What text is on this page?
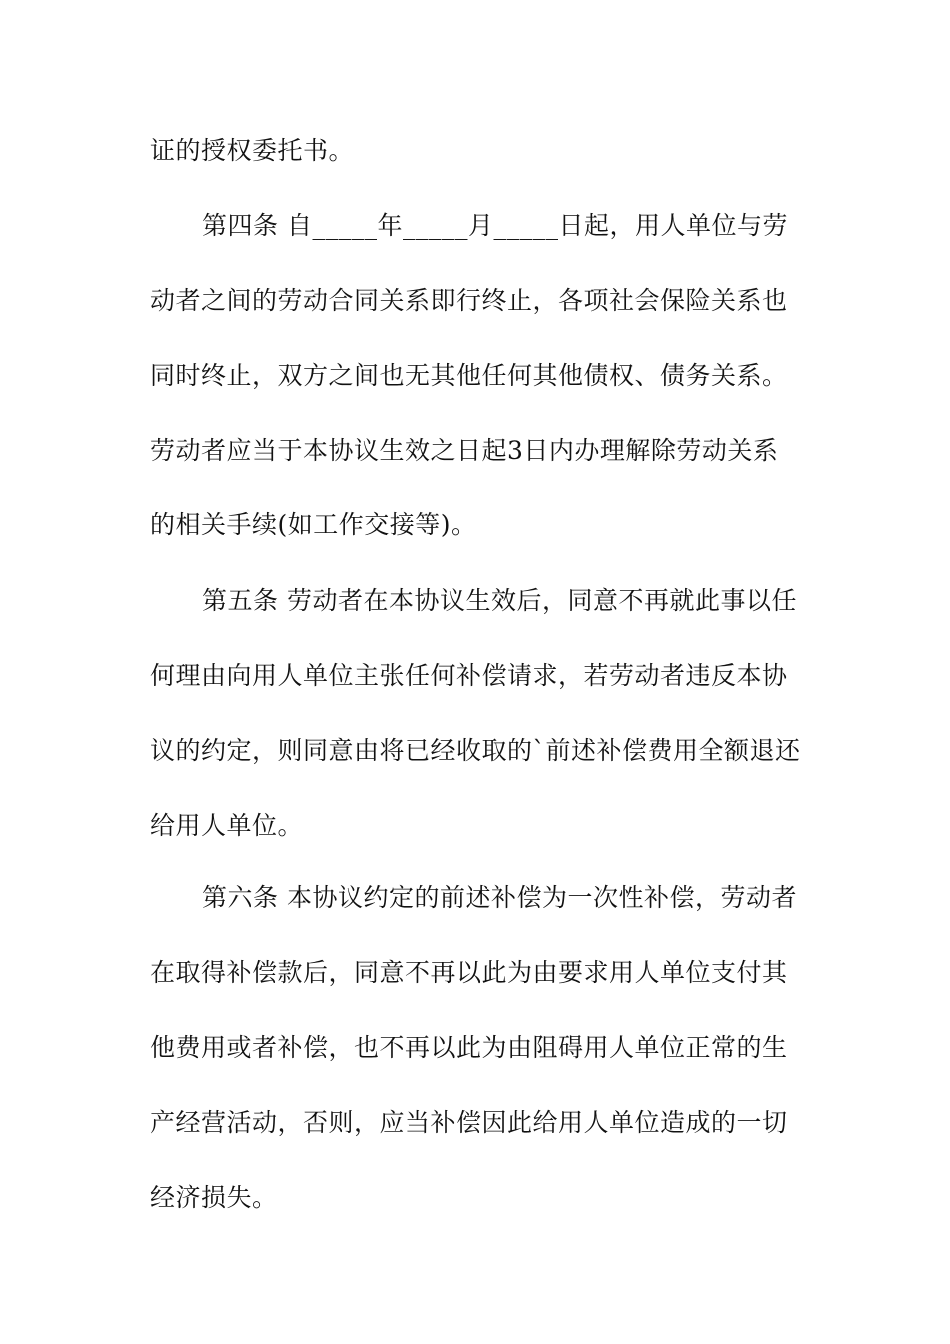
证的授权委托书。
第四条 自_____年_____月_____日起，用人单位与劳
动者之间的劳动合同关系即行终止，各项社会保险关系也
同时终止，双方之间也无其他任何其他债权、债务关系。
劳动者应当于本协议生效之日起3日内办理解除劳动关系
的相关手续(如工作交接等)。
第五条 劳动者在本协议生效后，同意不再就此事以任
何理由向用人单位主张任何补偿请求，若劳动者违反本协
议的约定，则同意由将已经收取的`前述补偿费用全额退还
给用人单位。
第六条 本协议约定的前述补偿为一次性补偿，劳动者
在取得补偿款后，同意不再以此为由要求用人单位支付其
他费用或者补偿，也不再以此为由阻碍用人单位正常的生
产经营活动，否则，应当补偿因此给用人单位造成的一切
经济损失。
